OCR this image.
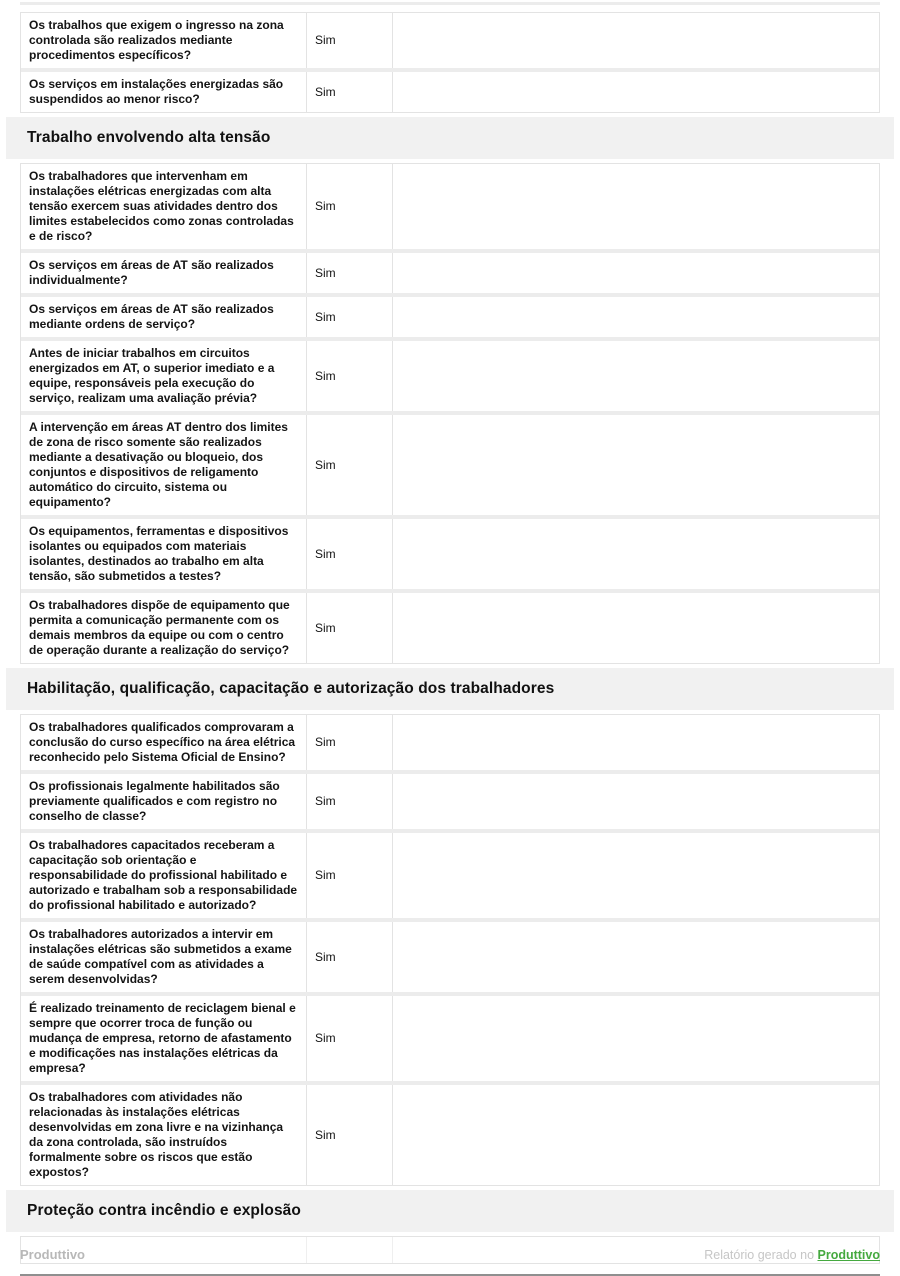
Os trabalhos que exigem o ingresso na zona controlada são realizados mediante procedimentos específicos?
Sim
Os serviços em instalações energizadas são suspendidos ao menor risco?
Sim
Trabalho envolvendo alta tensão
Os trabalhadores que intervenham em instalações elétricas energizadas com alta tensão exercem suas atividades dentro dos limites estabelecidos como zonas controladas e de risco?
Sim
Os serviços em áreas de AT são realizados individualmente?
Sim
Os serviços em áreas de AT são realizados mediante ordens de serviço?
Sim
Antes de iniciar trabalhos em circuitos energizados em AT, o superior imediato e a equipe, responsáveis pela execução do serviço, realizam uma avaliação prévia?
Sim
A intervenção em áreas AT dentro dos limites de zona de risco somente são realizados mediante a desativação ou bloqueio, dos conjuntos e dispositivos de religamento automático do circuito, sistema ou equipamento?
Sim
Os equipamentos, ferramentas e dispositivos isolantes ou equipados com materiais isolantes, destinados ao trabalho em alta tensão, são submetidos a testes?
Sim
Os trabalhadores dispõe de equipamento que permita a comunicação permanente com os demais membros da equipe ou com o centro de operação durante a realização do serviço?
Sim
Habilitação, qualificação, capacitação e autorização dos trabalhadores
Os trabalhadores qualificados comprovaram a conclusão do curso específico na área elétrica reconhecido pelo Sistema Oficial de Ensino?
Sim
Os profissionais legalmente habilitados são previamente qualificados e com registro no conselho de classe?
Sim
Os trabalhadores capacitados receberam a capacitação sob orientação e responsabilidade do profissional habilitado e autorizado e trabalham sob a responsabilidade do profissional habilitado e autorizado?
Sim
Os trabalhadores autorizados a intervir em instalações elétricas são submetidos a exame de saúde compatível com as atividades a serem desenvolvidas?
Sim
É realizado treinamento de reciclagem bienal e sempre que ocorrer troca de função ou mudança de empresa, retorno de afastamento e modificações nas instalações elétricas da empresa?
Sim
Os trabalhadores com atividades não relacionadas às instalações elétricas desenvolvidas em zona livre e na vizinhança da zona controlada, são instruídos formalmente sobre os riscos que estão expostos?
Sim
Proteção contra incêndio e explosão
Produttivo	Relatório gerado no Produttivo
